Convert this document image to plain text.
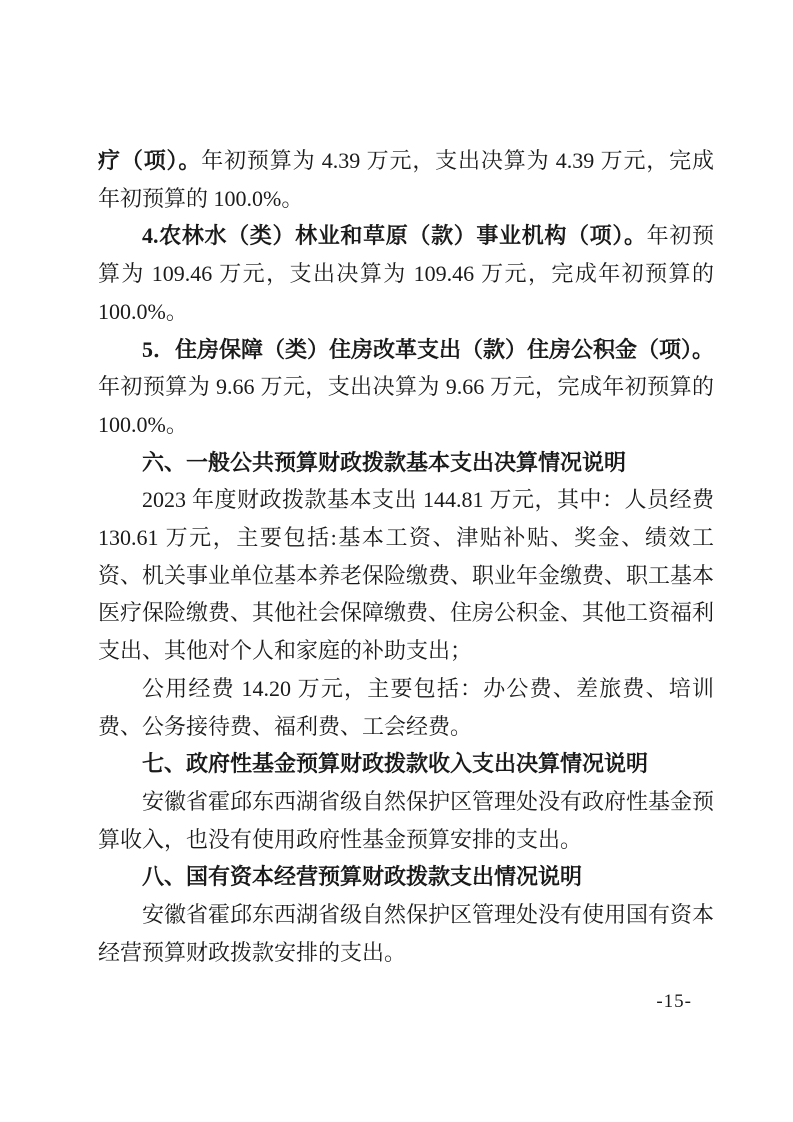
疗（项）。年初预算为 4.39 万元，支出决算为 4.39 万元，完成年初预算的 100.0%。

4.农林水（类）林业和草原（款）事业机构（项）。年初预算为 109.46 万元，支出决算为 109.46 万元，完成年初预算的 100.0%。

5．住房保障（类）住房改革支出（款）住房公积金（项）。年初预算为 9.66 万元，支出决算为 9.66 万元，完成年初预算的 100.0%。

六、一般公共预算财政拨款基本支出决算情况说明

2023 年度财政拨款基本支出 144.81 万元，其中：人员经费 130.61 万元，主要包括:基本工资、津贴补贴、奖金、绩效工资、机关事业单位基本养老保险缴费、职业年金缴费、职工基本医疗保险缴费、其他社会保障缴费、住房公积金、其他工资福利支出、其他对个人和家庭的补助支出；

公用经费 14.20 万元，主要包括：办公费、差旅费、培训费、公务接待费、福利费、工会经费。

七、政府性基金预算财政拨款收入支出决算情况说明

安徽省霍邱东西湖省级自然保护区管理处没有政府性基金预算收入，也没有使用政府性基金预算安排的支出。

八、国有资本经营预算财政拨款支出情况说明

安徽省霍邱东西湖省级自然保护区管理处没有使用国有资本经营预算财政拨款安排的支出。

-15-
